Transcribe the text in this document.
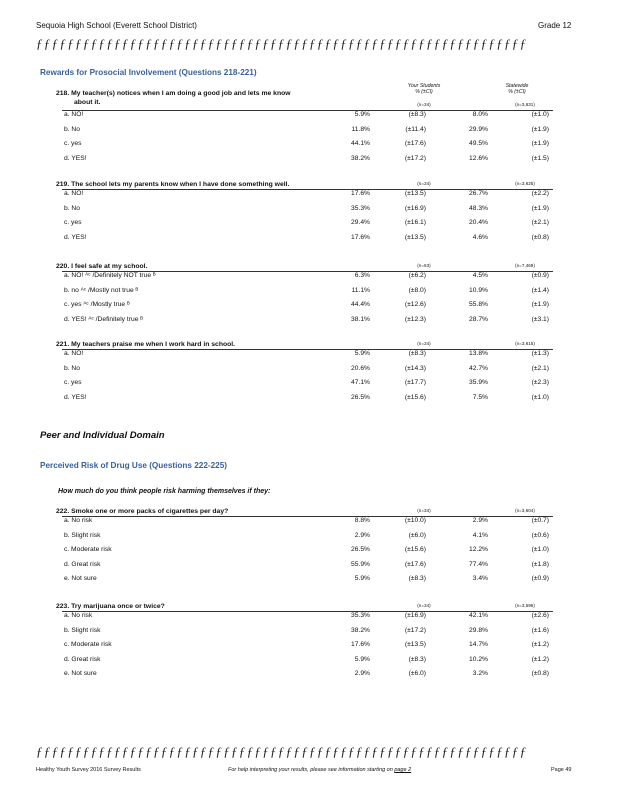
Sequoia High School (Everett School District)	Grade 12
ƒƒƒƒƒƒƒƒƒƒƒƒƒƒƒƒƒƒƒƒƒƒƒƒƒƒƒƒƒƒƒƒƒƒƒƒƒƒƒƒƒƒƒƒƒƒƒƒƒƒƒƒƒƒƒƒƒƒƒƒƒƒƒ
Rewards for Prosocial Involvement (Questions 218-221)
Your Students
% (±CI)
Statewide
% (±CI)
218. My teacher(s) notices when I am doing a good job and lets me know
about it.	(n=34)	(n=3,631)
a. NO!	5.9%	(±8.3)	8.0%	(±1.0)
b. No	11.8%	(±11.4)	29.9%	(±1.9)
c. yes	44.1%	(±17.6)	49.5%	(±1.9)
d. YES!	38.2%	(±17.2)	12.6%	(±1.5)
219. The school lets my parents know when I have done something well.	(n=34)	(n=3,625)
a. NO!	17.6%	(±13.5)	26.7%	(±2.2)
b. No	35.3%	(±16.9)	48.3%	(±1.9)
c. yes	29.4%	(±16.1)	20.4%	(±2.1)
d. YES!	17.6%	(±13.5)	4.6%	(±0.8)
220. I feel safe at my school.	(n=63)	(n=7,469)
a. NO! ᴬᶜ /Definitely NOT true ᴮ	6.3%	(±6.2)	4.5%	(±0.9)
b. no ᴬᶜ /Mostly not true ᴮ	11.1%	(±8.0)	10.9%	(±1.4)
c. yes ᴬᶜ /Mostly true ᴮ	44.4%	(±12.6)	55.8%	(±1.9)
d. YES! ᴬᶜ /Definitely true ᴮ	38.1%	(±12.3)	28.7%	(±3.1)
221. My teachers praise me when I work hard in school.	(n=34)	(n=3,615)
a. NO!	5.9%	(±8.3)	13.8%	(±1.3)
b. No	20.6%	(±14.3)	42.7%	(±2.1)
c. yes	47.1%	(±17.7)	35.9%	(±2.3)
d. YES!	26.5%	(±15.6)	7.5%	(±1.0)
222. Smoke one or more packs of cigarettes per day?	(n=34)	(n=3,604)
a. No risk	8.8%	(±10.0)	2.9%	(±0.7)
b. Slight risk	2.9%	(±6.0)	4.1%	(±0.6)
c. Moderate risk	26.5%	(±15.6)	12.2%	(±1.0)
d. Great risk	55.9%	(±17.6)	77.4%	(±1.8)
e. Not sure	5.9%	(±8.3)	3.4%	(±0.9)
223. Try marijuana once or twice?	(n=34)	(n=3,596)
a. No risk	35.3%	(±16.9)	42.1%	(±2.6)
b. Slight risk	38.2%	(±17.2)	29.8%	(±1.6)
c. Moderate risk	17.6%	(±13.5)	14.7%	(±1.2)
d. Great risk	5.9%	(±8.3)	10.2%	(±1.2)
e. Not sure	2.9%	(±6.0)	3.2%	(±0.8)
Peer and Individual Domain
Perceived Risk of Drug Use (Questions 222-225)
How much do you think people risk harming themselves if they:
ƒƒƒƒƒƒƒƒƒƒƒƒƒƒƒƒƒƒƒƒƒƒƒƒƒƒƒƒƒƒƒƒƒƒƒƒƒƒƒƒƒƒƒƒƒƒƒƒƒƒƒƒƒƒƒƒƒƒƒƒƒƒƒ
Healthy Youth Survey 2016 Survey Results	For help interpreting your results, please see information starting on page 2	Page 49
